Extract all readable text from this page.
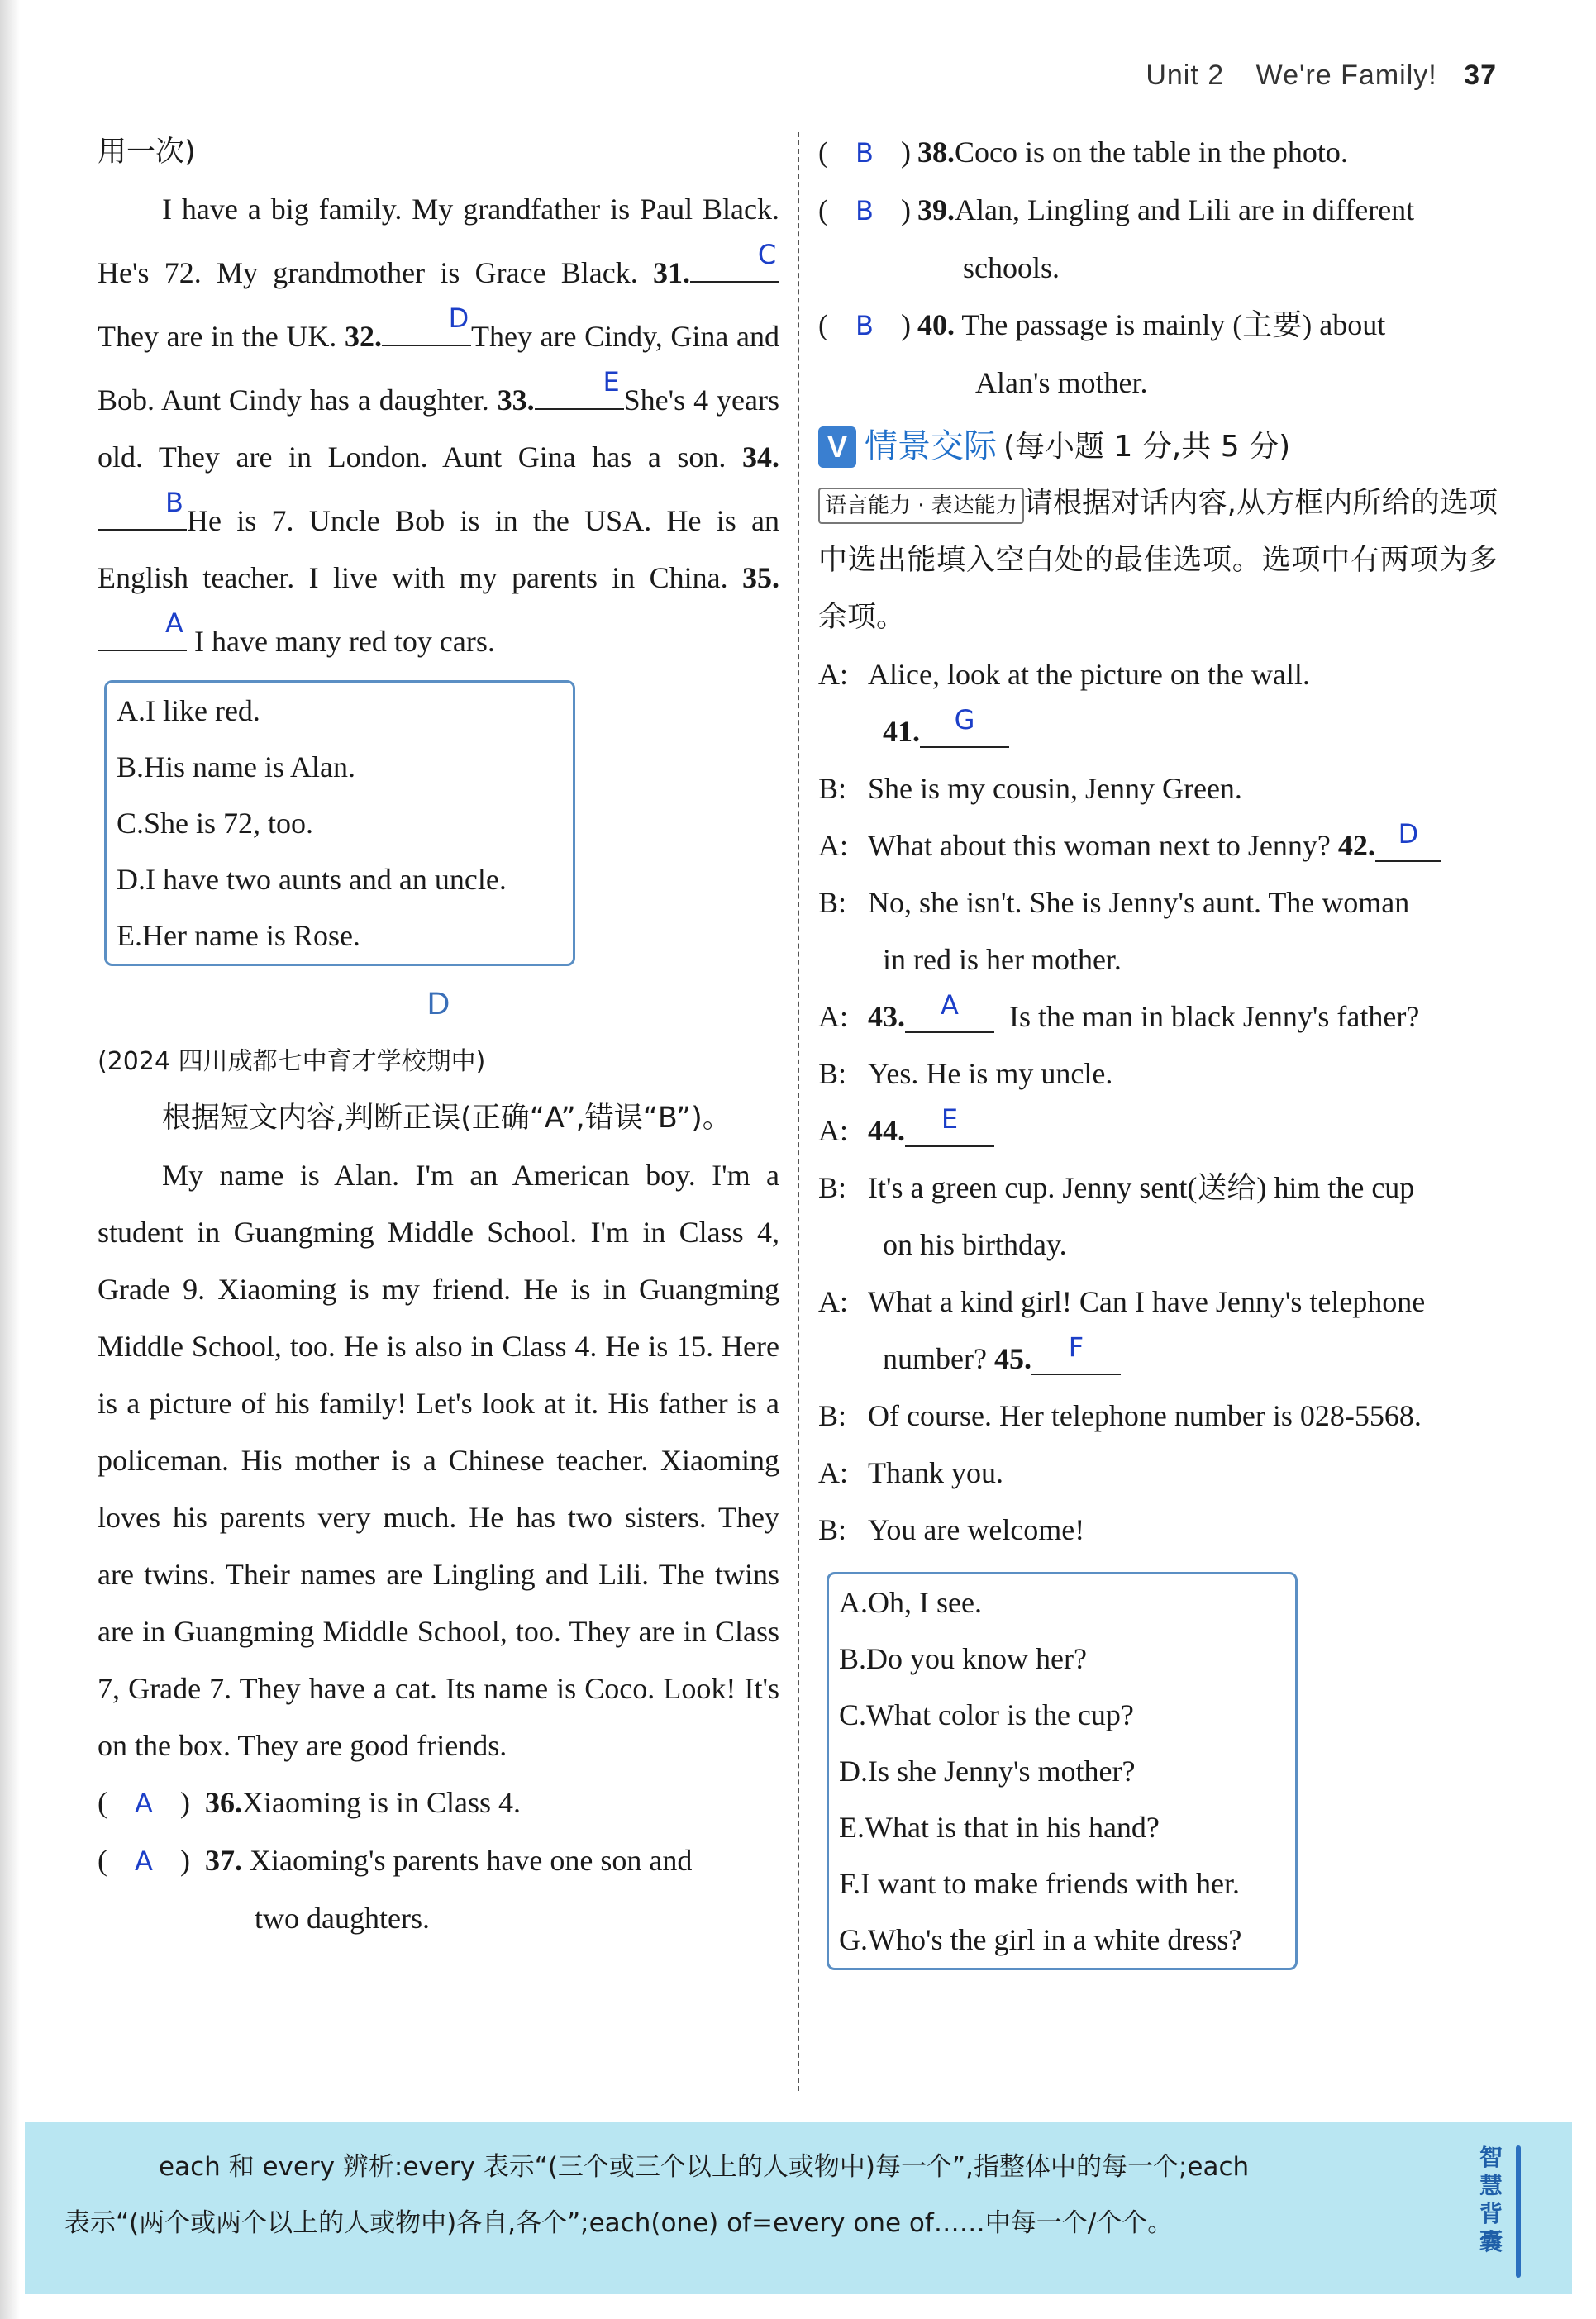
Unit 2 We're Family! 37

用一次)

I have a big family. My grandfather is Paul Black. He's 72. My grandmother is Grace Black. 31.
C
They are in the UK. 32.
D
They are Cindy, Gina and Bob. Aunt Cindy has a daughter. 33.
E
She's 4 years old. They are in London. Aunt Gina has a son. 34.
B
He is 7. Uncle Bob is in the USA. He is an English teacher. I live with my parents in China. 35.
A
I have many red toy cars.

A.I like red.
B.His name is Alan.
C.She is 72, too.
D.I have two aunts and an uncle.
E.Her name is Rose.
D

(2024 四川成都七中育才学校期中)

根据短文内容,判断正误(正确“A”,错误“B”)。

My name is Alan. I'm an American boy. I'm a student in Guangming Middle School. I'm in Class 4, Grade 9. Xiaoming is my friend. He is in Guangming Middle School, too. He is also in Class 4. He is 15. Here is a picture of his family! Let's look at it. His father is a policeman. His mother is a Chinese teacher. Xiaoming loves his parents very much. He has two sisters. They are twins. Their names are Lingling and Lili. The twins are in Guangming Middle School, too. They are in Class 7, Grade 7. They have a cat. Its name is Coco. Look! It's on the box. They are good friends.

( A ) 36.Xiaoming is in Class 4.
( A ) 37. Xiaoming's parents have one son and

two daughters.

( B ) 38.Coco is on the table in the photo.
( B ) 39.Alan, Lingling and Lili are in different

schools.

( B ) 40. The passage is mainly (主要) about

Alan's mother.

V 情景交际 (每小题 1 分,共 5 分)

语言能力 · 表达能力 请根据对话内容,从方框内所给的选项中选出能填入空白处的最佳选项。选项中有两项为多余项。

A: Alice, look at the picture on the wall.
41.	G
B: She is my cousin, Jenny Green.
A: What about this woman next to Jenny?
42. D
B: No, she isn't. She is Jenny's aunt. The woman
in red is her mother.
A: 43.	A
	Is the man in black Jenny's father?
B: Yes. He is my uncle.
A: 44.	E
B: It's a green cup. Jenny sent(送给) him the cup
on his birthday.
A: What a kind girl! Can I have Jenny's telephone
number?
45.	F
B: Of course. Her telephone number is 028-5568.
A: Thank you.
B: You are welcome!
A.Oh, I see.
B.Do you know her?
C.What color is the cup?
D.Is she Jenny's mother?
E.What is that in his hand?
F.I want to make friends with her.
G.Who's the girl in a white dress?
each 和 every 辨析:every 表示“(三个或三个以上的人或物中)每一个”,指整体中的每一个;each
表示“(两个或两个以上的人或物中)各自,各个”;each(one) of=every one of……中每一个/个个。
智慧背囊
